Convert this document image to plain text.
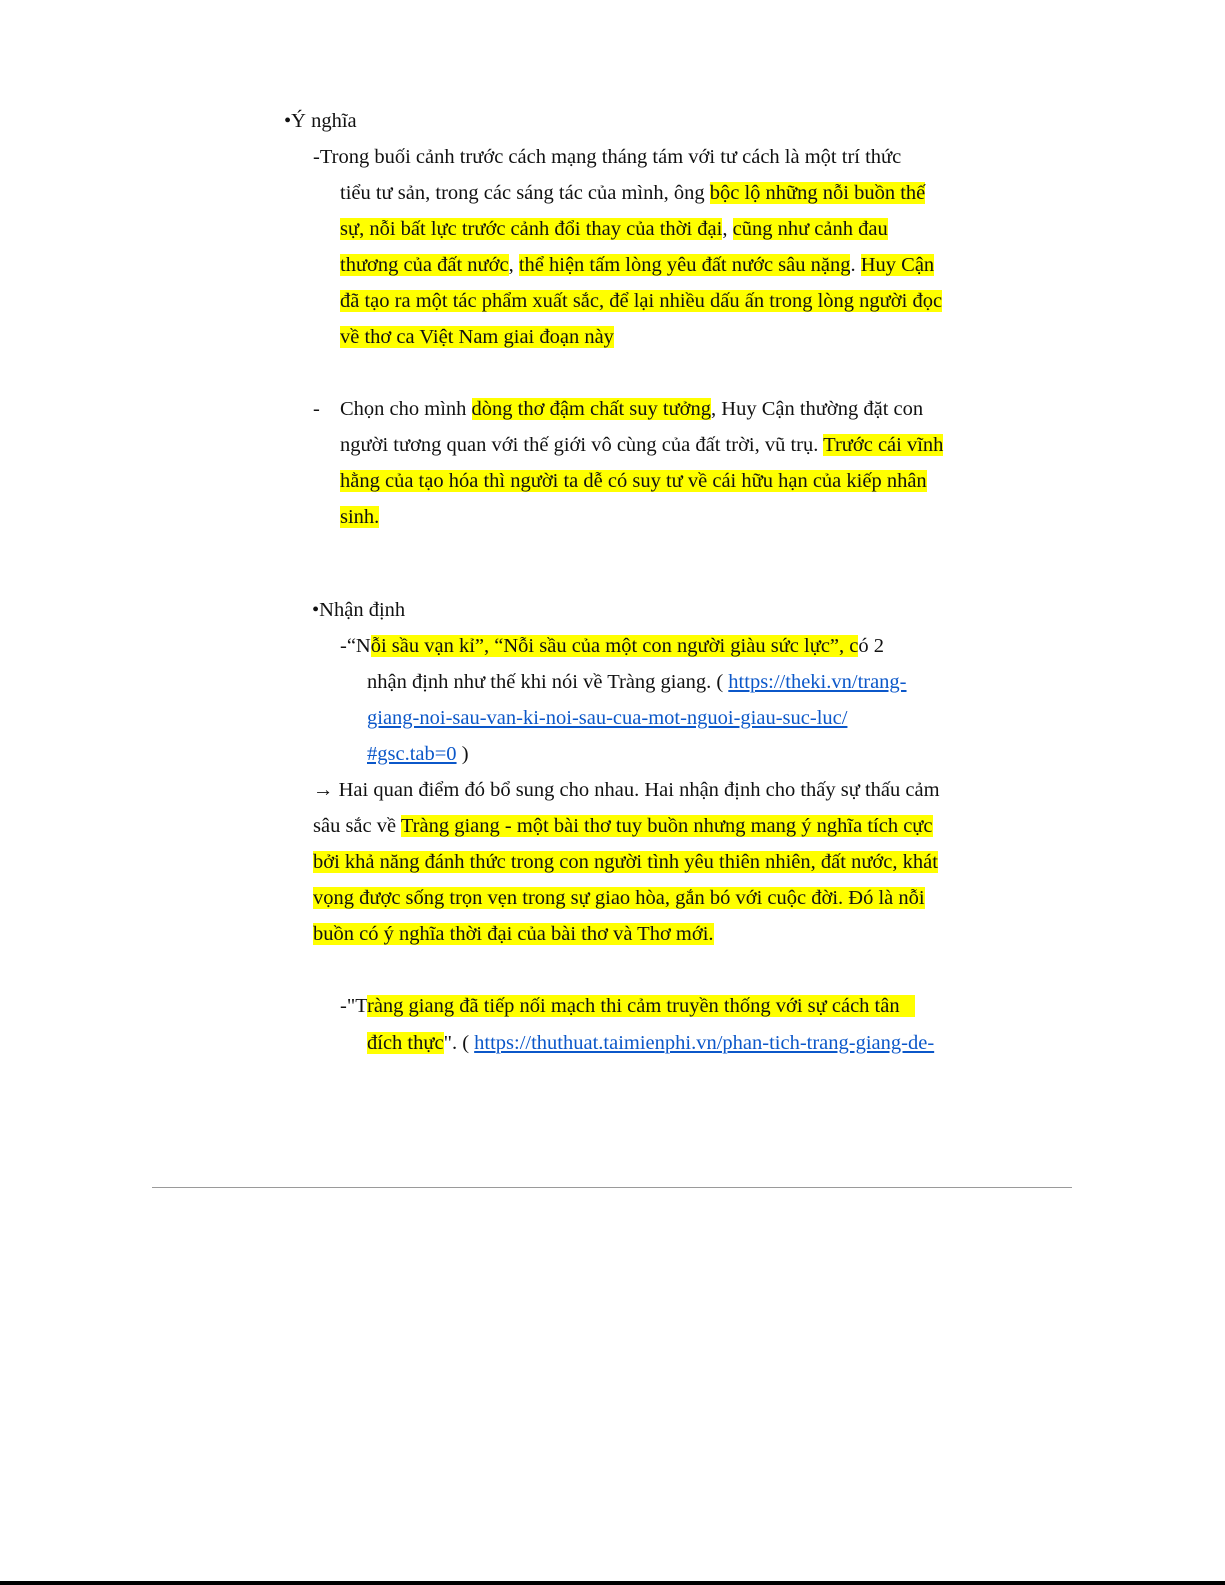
•Ý nghĩa
-Trong buối cảnh trước cách mạng tháng tám với tư cách là một trí thức
tiểu tư sản, trong các sáng tác của mình, ông bộc lộ những nỗi buồn thế
sự, nỗi bất lực trước cảnh đổi thay của thời đại, cũng như cảnh đau
thương của đất nước, thể hiện tấm lòng yêu đất nước sâu nặng. Huy Cận
đã tạo ra một tác phẩm xuất sắc, để lại nhiều dấu ấn trong lòng người đọc
về thơ ca Việt Nam giai đoạn này
- Chọn cho mình dòng thơ đậm chất suy tưởng, Huy Cận thường đặt con
người tương quan với thế giới vô cùng của đất trời, vũ trụ. Trước cái vĩnh
hằng của tạo hóa thì người ta dễ có suy tư về cái hữu hạn của kiếp nhân
sinh.
•Nhận định
-“Nỗi sầu vạn kỉ”, “Nỗi sầu của một con người giàu sức lực”, có 2
nhận định như thế khi nói về Tràng giang. ( https://theki.vn/trang-
giang-noi-sau-van-ki-noi-sau-cua-mot-nguoi-giau-suc-luc/
#gsc.tab=0 )
→ Hai quan điểm đó bổ sung cho nhau. Hai nhận định cho thấy sự thấu cảm
sâu sắc về Tràng giang - một bài thơ tuy buồn nhưng mang ý nghĩa tích cực
bởi khả năng đánh thức trong con người tình yêu thiên nhiên, đất nước, khát
vọng được sống trọn vẹn trong sự giao hòa, gắn bó với cuộc đời. Đó là nỗi
buồn có ý nghĩa thời đại của bài thơ và Thơ mới.
-"Tràng giang đã tiếp nối mạch thi cảm truyền thống với sự cách tân
đích thực". ( https://thuthuat.taimienphi.vn/phan-tich-trang-giang-de-
